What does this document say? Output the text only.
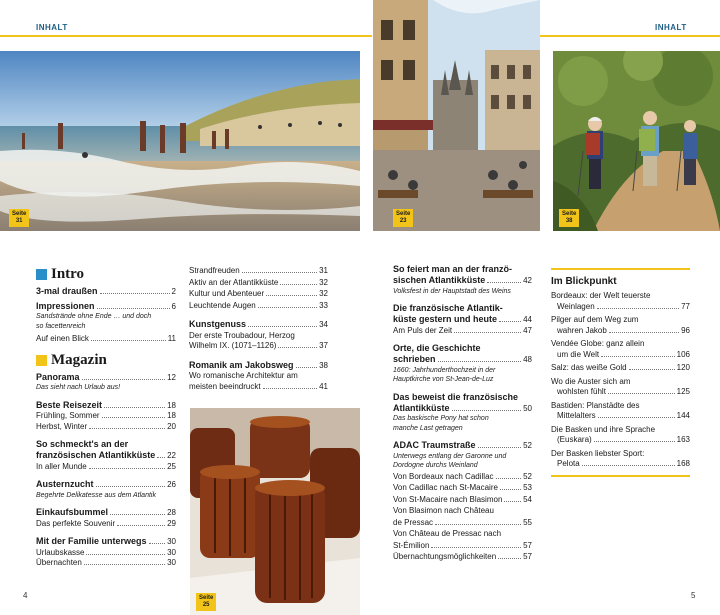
INHALT	INHALT
Seite
31
Seite
23
Seite
38
Seite
25
Intro
3-mal draußen	2
Impressionen	6
Sandstrände ohne Ende … und doch
so facettenreich
Auf einen Blick	11
Magazin
Panorama	12
Das sieht nach Urlaub aus!
Beste Reisezeit	18
Frühling, Sommer	18
Herbst, Winter	20
So schmeckt's an der
französischen Atlantikküste 22
In aller Munde	25
Austernzucht	26
Begehrte Delikatesse aus dem Atlantik
Einkaufsbummel	28
Das perfekte Souvenir	29
Mit der Familie unterwegs	30
Urlaubskasse	30
Übernachten	30
Strandfreuden	31
Aktiv an der Atlantikküste	32
Kultur und Abenteuer	32
Leuchtende Augen	33
Kunstgenuss	34
Der erste Troubadour, Herzog
Wilhelm IX. (1071–1126)	37
Romanik am Jakobsweg	38
Wo romanische Architektur am
meisten beeindruckt	41
So feiert man an der franzö-
sischen Atlantikküste	42
Volksfest in der Hauptstadt des Weins
Die französische Atlantik-
küste gestern und heute	44
Am Puls der Zeit	47
Orte, die Geschichte
schrieben	48
1660: Jahrhunderthochzeit in der
Hauptkirche von St-Jean-de-Luz
Das beweist die französische
Atlantikküste	50
Das baskische Pony hat schon
manche Last getragen
ADAC Traumstraße	52
Unterwegs entlang der Garonne und
Dordogne durchs Weinland
Von Bordeaux nach Cadillac	52
Von Cadillac nach St-Macaire	53
Von St-Macaire nach Blasimon	54
Von Blasimon nach Château
de Pressac	55
Von Château de Pressac nach
St-Émilion	57
Übernachtungsmöglichkeiten	57
Im Blickpunkt
Bordeaux: der Welt teuerste
Weinlagen	77
Pilger auf dem Weg zum
wahren Jakob	96
Vendée Globe: ganz allein
um die Welt	106
Salz: das weiße Gold	120
Wo die Auster sich am
wohlsten fühlt	125
Bastiden: Planstädte des
Mittelalters	144
Die Basken und ihre Sprache
(Euskara)	163
Der Basken liebster Sport:
Pelota	168
4	5
